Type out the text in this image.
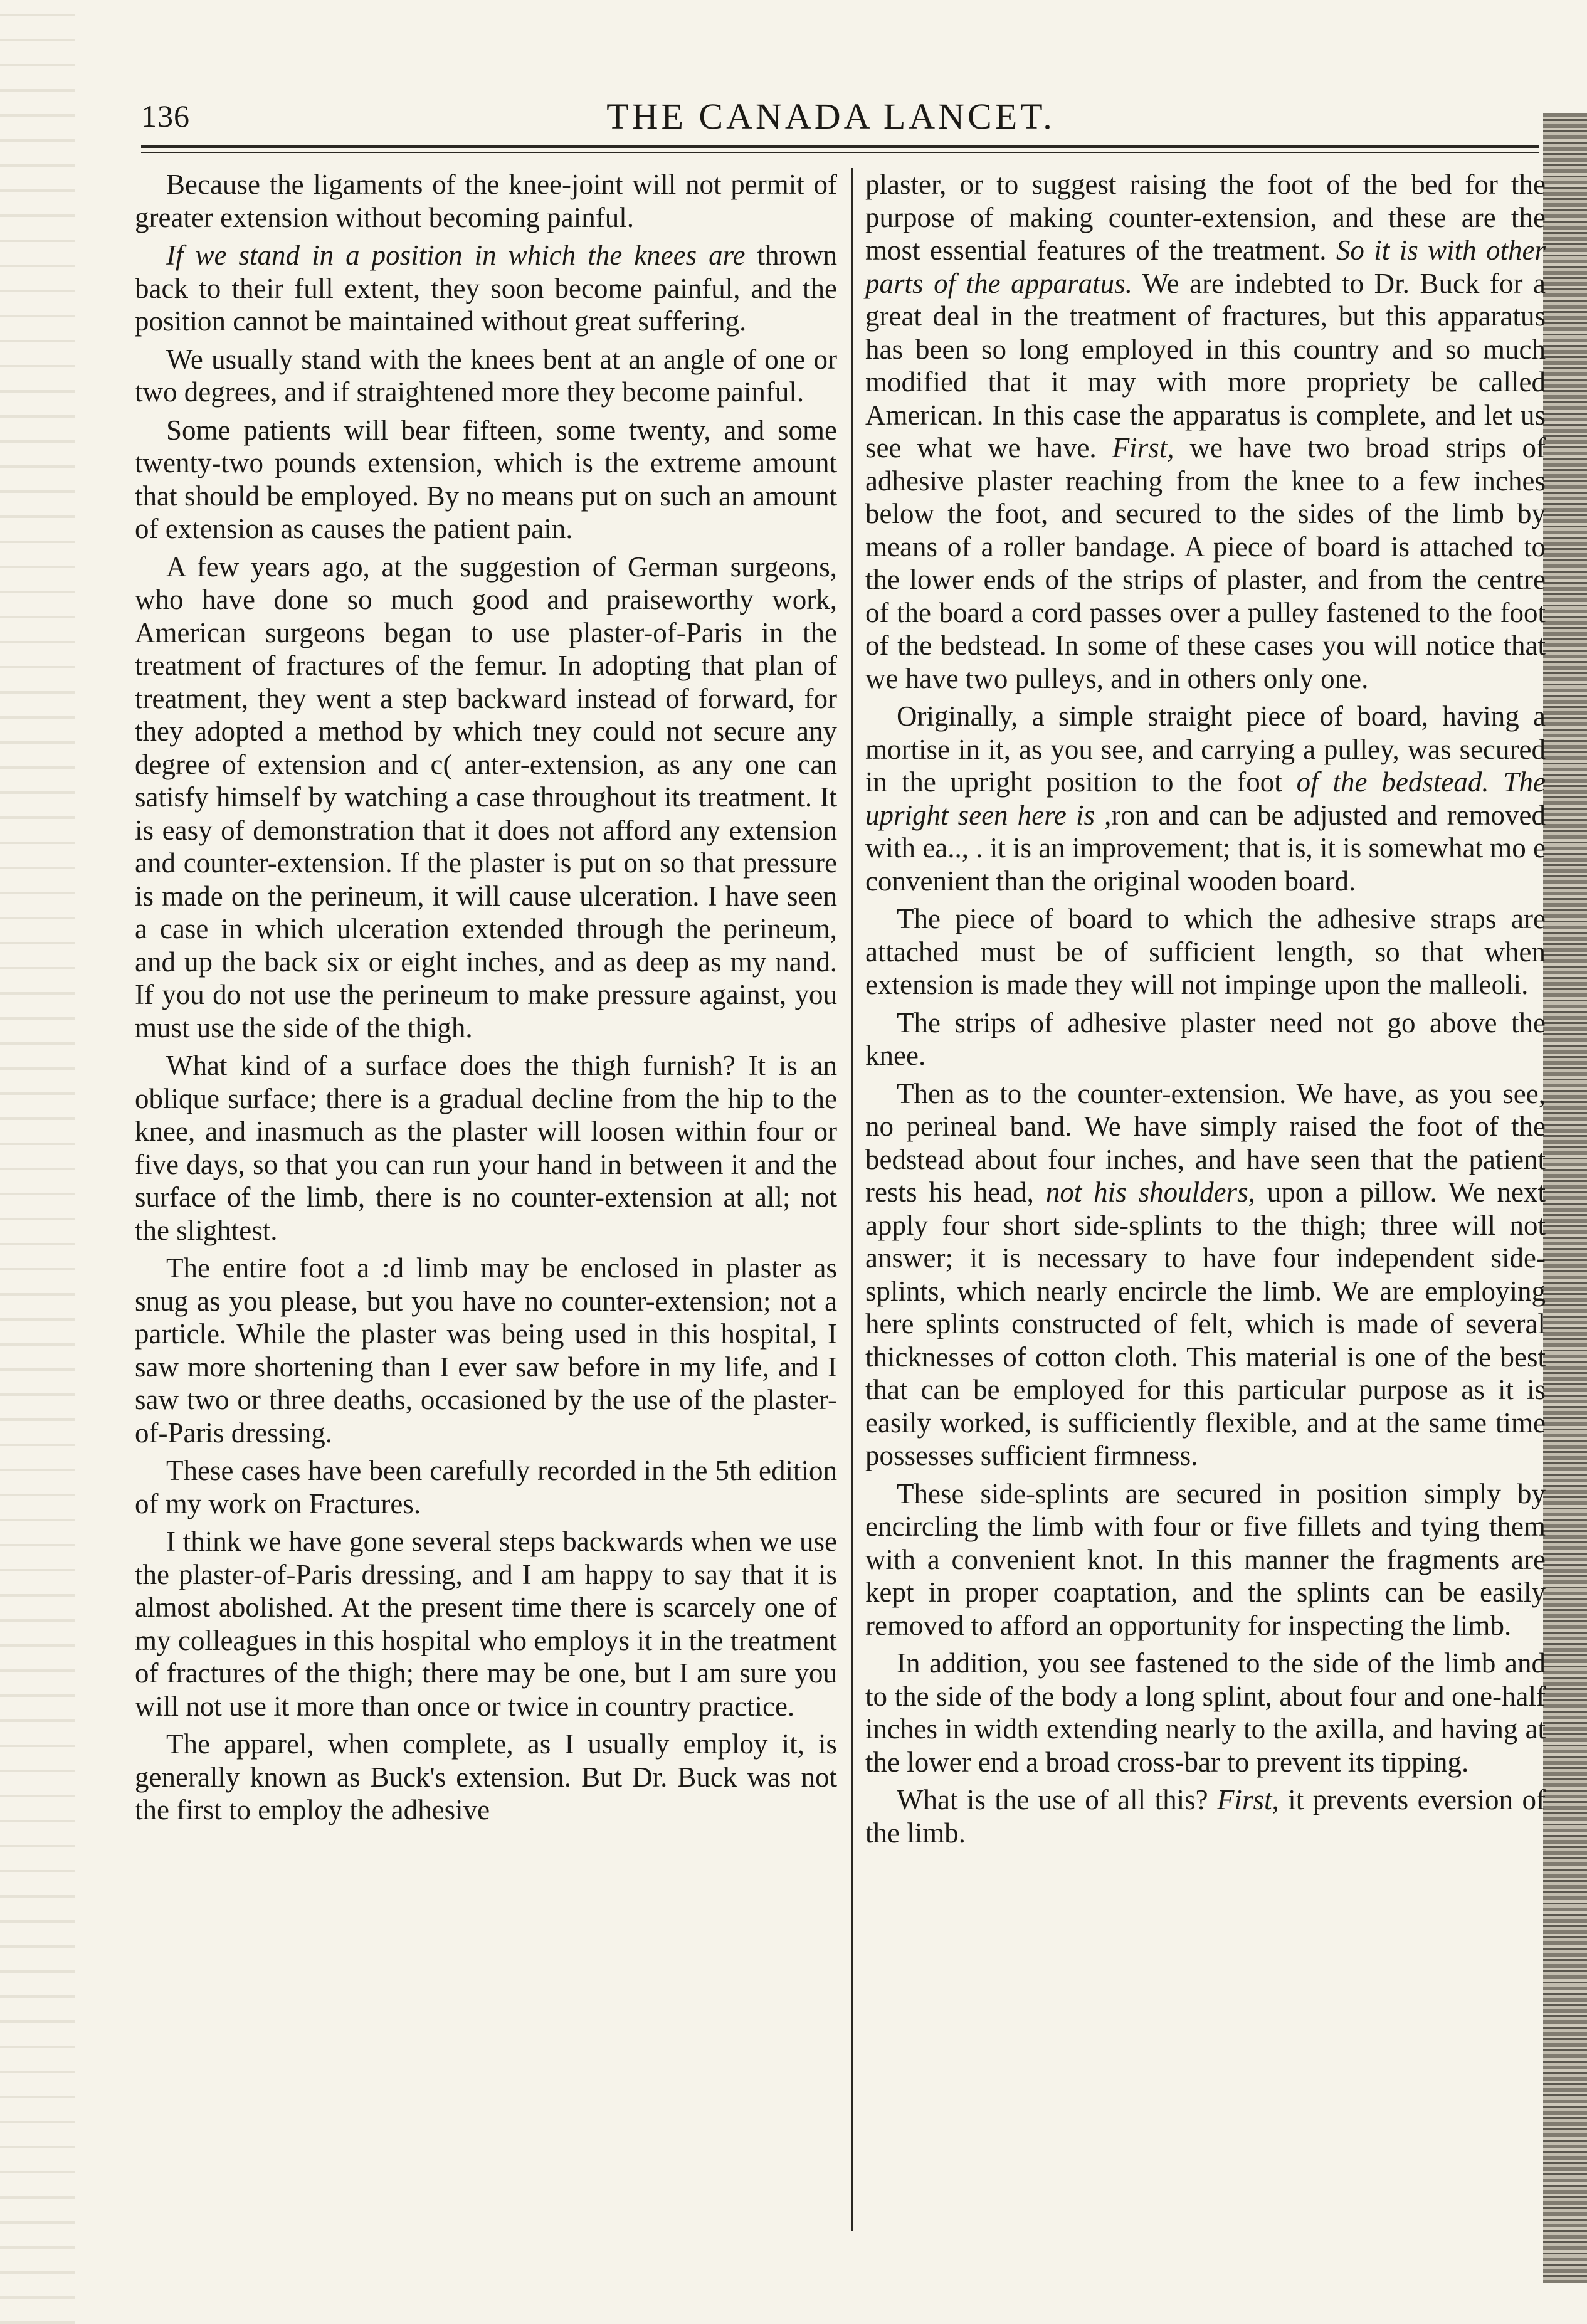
136	THE CANADA LANCET.

Because the ligaments of the knee-joint will not permit of greater extension without becoming painful.

If we stand in a position in which the knees are thrown back to their full extent, they soon become painful, and the position cannot be maintained without great suffering.

We usually stand with the knees bent at an angle of one or two degrees, and if straightened more they become painful.

Some patients will bear fifteen, some twenty, and some twenty-two pounds extension, which is the extreme amount that should be employed. By no means put on such an amount of extension as causes the patient pain.

A few years ago, at the suggestion of German surgeons, who have done so much good and praiseworthy work, American surgeons began to use plaster-of-Paris in the treatment of fractures of the femur. In adopting that plan of treatment, they went a step backward instead of forward, for they adopted a method by which tney could not secure any degree of extension and c( anter-extension, as any one can satisfy himself by watching a case throughout its treatment. It is easy of demonstration that it does not afford any extension and counter-extension. If the plaster is put on so that pressure is made on the perineum, it will cause ulceration. I have seen a case in which ulceration extended through the perineum, and up the back six or eight inches, and as deep as my nand. If you do not use the perineum to make pressure against, you must use the side of the thigh.

What kind of a surface does the thigh furnish? It is an oblique surface; there is a gradual decline from the hip to the knee, and inasmuch as the plaster will loosen within four or five days, so that you can run your hand in between it and the surface of the limb, there is no counter-extension at all; not the slightest.

The entire foot a :d limb may be enclosed in plaster as snug as you please, but you have no counter-extension; not a particle. While the plaster was being used in this hospital, I saw more shortening than I ever saw before in my life, and I saw two or three deaths, occasioned by the use of the plaster-of-Paris dressing.

These cases have been carefully recorded in the 5th edition of my work on Fractures.

I think we have gone several steps backwards when we use the plaster-of-Paris dressing, and I am happy to say that it is almost abolished. At the present time there is scarcely one of my colleagues in this hospital who employs it in the treatment of fractures of the thigh; there may be one, but I am sure you will not use it more than once or twice in country practice.

The apparel, when complete, as I usually employ it, is generally known as Buck's extension. But Dr. Buck was not the first to employ the adhesive

plaster, or to suggest raising the foot of the bed for the purpose of making counter-extension, and these are the most essential features of the treatment. So it is with other parts of the apparatus. We are indebted to Dr. Buck for a great deal in the treatment of fractures, but this apparatus has been so long employed in this country and so much modified that it may with more propriety be called American. In this case the apparatus is complete, and let us see what we have. First, we have two broad strips of adhesive plaster reaching from the knee to a few inches below the foot, and secured to the sides of the limb by means of a roller bandage. A piece of board is attached to the lower ends of the strips of plaster, and from the centre of the board a cord passes over a pulley fastened to the foot of the bedstead. In some of these cases you will notice that we have two pulleys, and in others only one.

Originally, a simple straight piece of board, having a mortise in it, as you see, and carrying a pulley, was secured in the upright position to the foot of the bedstead. The upright seen here is ,ron and can be adjusted and removed with ea.., . it is an improvement; that is, it is somewhat mo e convenient than the original wooden board.

The piece of board to which the adhesive straps are attached must be of sufficient length, so that when extension is made they will not impinge upon the malleoli.

The strips of adhesive plaster need not go above the knee.

Then as to the counter-extension. We have, as you see, no perineal band. We have simply raised the foot of the bedstead about four inches, and have seen that the patient rests his head, not his shoulders, upon a pillow. We next apply four short side-splints to the thigh; three will not answer; it is necessary to have four independent side-splints, which nearly encircle the limb. We are employing here splints constructed of felt, which is made of several thicknesses of cotton cloth. This material is one of the best that can be employed for this particular purpose as it is easily worked, is sufficiently flexible, and at the same time possesses sufficient firmness.

These side-splints are secured in position simply by encircling the limb with four or five fillets and tying them with a convenient knot. In this manner the fragments are kept in proper coaptation, and the splints can be easily removed to afford an opportunity for inspecting the limb.

In addition, you see fastened to the side of the limb and to the side of the body a long splint, about four and one-half inches in width extending nearly to the axilla, and having at the lower end a broad cross-bar to prevent its tipping.

What is the use of all this? First, it prevents eversion of the limb.
